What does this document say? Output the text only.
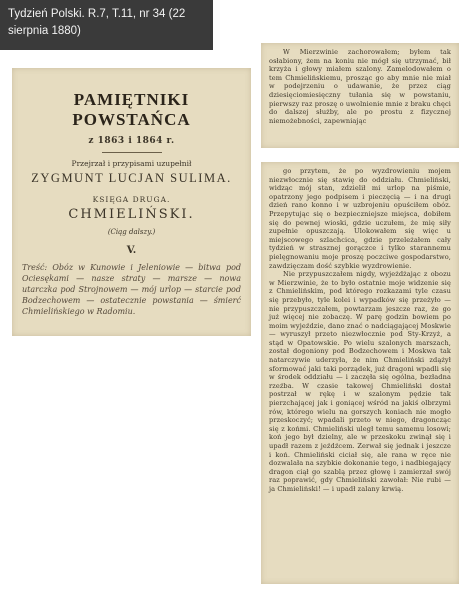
Tydzień Polski. R.7, T.11, nr 34 (22 sierpnia 1880)
PAMIĘTNIKI POWSTAŃCA
z 1863 i 1864 r.
Przejrzał i przypisami uzupełnił
ZYGMUNT LUCJAN SULIMA.
KSIĘGA DRUGA.
CHMIELIŃSKI.
(Ciąg dalszy.)
V.
Treść: Obóz w Kunowie i Jeleniowie — bitwa pod Ociesękami — nasze straty — marsze — nowa utarczka pod Strojnowem — mój urlop — starcie pod Bodzechowem — ostatecznie powstania — śmierć Chmielińskiego w Radomiu.

W Mierzwinie zachorowałem; byłem tak osłabiony, żem na koniu nie mógł się utrzymać, bił krzyża i głowy miałem szalony. Zamelodowałem o tem Chmielińskiemu, prosząc go aby mnie nie miał w podejrzeniu o udawanie, że przez ciąg dziesięciomiesięczny tułania się w powstaniu, pierwszy raz proszę o uwolnienie mnie z braku chęci do dalszej służby, ale po prostu z fizycznej niemożebności, zapewniając

go przytem, że po wyzdrowieniu mojem niezwłocznie się stawię do oddziału. Chmieliński, widząc mój stan, zdzielił mi urlop na piśmie, opatrzony jego podpisem i pieczęcią — i na drugi dzień rano konno i w uzbrojeniu opuściłem obóz. Przepytując się o bezpieczniejsze miejsca, dobiłem się do pewnej wioski, gdzie uczułem, że mię siły zupełnie opuszczają. Ulokowałem się więc u miejscowego szlachcica, gdzie przeleżałem cały tydzień w strasznej gorączce i tylko starannemu pielęgnowaniu moje proszę poczciwe gospodarstwo, zawdzięczam dość szybkie wyzdrowienie.

Nie przypuszczałem nigdy, wyjeżdżając z obozu w Mierzwinie, że to było ostatnie moje widzenie się z Chmielińskim, pod którego rozkazami tyle czasu się przebyło, tyle kolei i wypadków się przeżyło — nie przypuszczałem, powtarzam jeszcze raz, że go już więcej nie zobaczę. W parę godzin bowiem po moim wyjeździe, dano znać o nadciągającej Moskwie — wyruszył przeto niezwłocznie pod Sty-Krzyż, a stąd w Opatowskie. Po wielu szalonych marszach, został dogoniony pod Bodzechowem i Moskwa tak natarczywie uderzyła, że nim Chmieliński zdążył sformować jaki taki porządek, już dragoni wpadli się w środek oddziału — i zaczęła się ogólna, bezładna rzeźba. W czasie takowej Chmieliński dostał postrzał w rękę i w szalonym pędzie tak pierzchającej jak i goniącej wśród na jakiś olbrzymi rów, którego wielu na gorszych koniach nie mogło przeskoczyć; wpadali przeto w niego, dragoncząc się z końmi. Chmieliński uległ temu samemu losowi; koń jego był dzielny, ale w przeskoku zwinął się i upadł razem z jeźdźcem. Zerwał się jednak i jeszcze i koń. Chmieliński ciciał się, ale rana w ręce nie dozwalała na szybkie dokonanie tego, i nadbiegający dragon ciął go szablą przez głowę i zamierzał swój raz poprawić, gdy Chmieliński zawołał: Nie rubi — ja Chmieliński! — i upadł zalany krwią.
